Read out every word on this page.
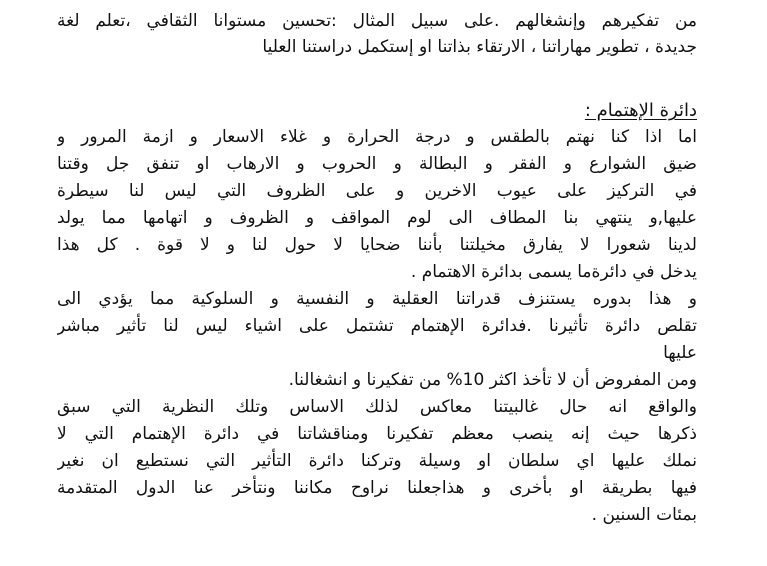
من تفكيرهم وإنشغالهم .على سبيل المثال :تحسين مستوانا الثقافي ،تعلم لغة
جديدة ، تطوير مهاراتنا ، الارتقاء بذاتنا او إستكمل دراستنا العليا
دائرة الإهتمام :
اما اذا كنا نهتم بالطقس و درجة الحرارة و غلاء الاسعار و ازمة المرور و
ضيق الشوارع و الفقر و البطالة و الحروب و الارهاب او تنفق جل وقتنا
في التركيز على عيوب الاخرين و على الظروف التي ليس لنا سيطرة
عليها,و ينتهي بنا المطاف الى لوم المواقف و الظروف و اتهامها مما يولد
لدينا شعورا لا يفارق مخيلتنا بأننا ضحايا لا حول لنا و لا قوة . كل هذا
يدخل في دائرةما يسمى بدائرة الاهتمام .
و هذا بدوره يستنزف قدراتنا العقلية و النفسية و السلوكية مما يؤدي الى
تقلص دائرة تأثيرنا .فدائرة الإهتمام تشتمل على اشياء ليس لنا تأثير مباشر
عليها
ومن المفروض أن لا تأخذ اكثر 10% من تفكيرنا و انشغالنا.
والواقع انه حال غالبيتنا معاكس لذلك الاساس وتلك النظرية التي سبق
ذكرها حيث إنه ينصب معظم تفكيرنا ومناقشاتنا في دائرة الإهتمام التي لا
نملك عليها اي سلطان او وسيلة وتركنا دائرة التأثير التي نستطيع ان نغير
فيها بطريقة او بأخرى و هذاجعلنا نراوح مكاننا ونتأخر عنا الدول المتقدمة
بمئات السنين .
